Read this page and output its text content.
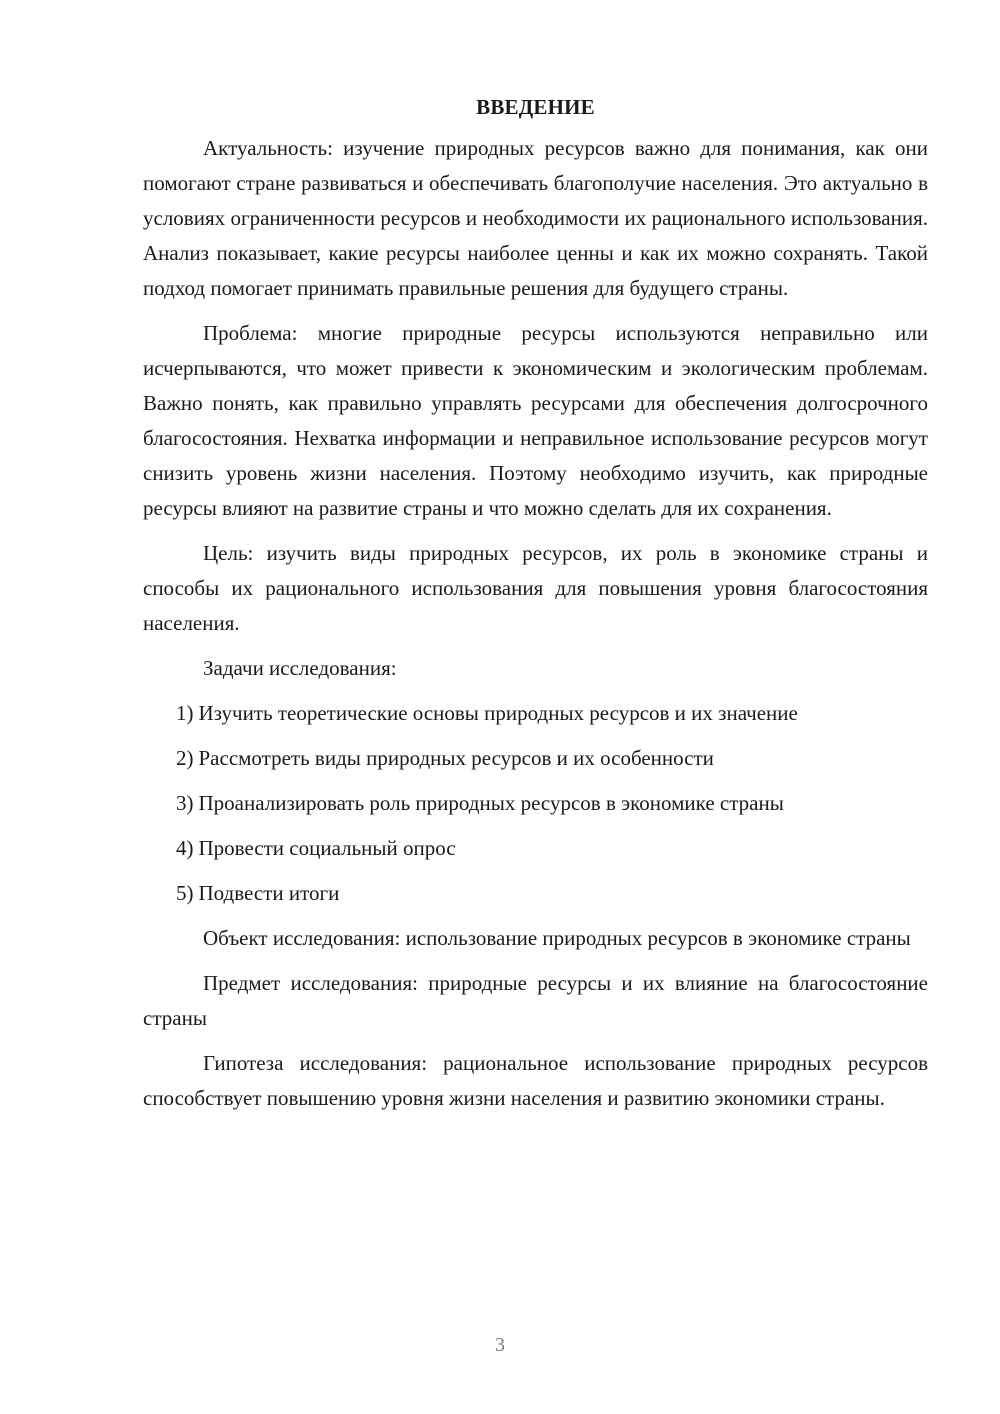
ВВЕДЕНИЕ

Актуальность: изучение природных ресурсов важно для понимания, как они помогают стране развиваться и обеспечивать благополучие населения. Это актуально в условиях ограниченности ресурсов и необходимости их рационального использования. Анализ показывает, какие ресурсы наиболее ценны и как их можно сохранять. Такой подход помогает принимать правильные решения для будущего страны.

Проблема: многие природные ресурсы используются неправильно или исчерпываются, что может привести к экономическим и экологическим проблемам. Важно понять, как правильно управлять ресурсами для обеспечения долгосрочного благосостояния. Нехватка информации и неправильное использование ресурсов могут снизить уровень жизни населения. Поэтому необходимо изучить, как природные ресурсы влияют на развитие страны и что можно сделать для их сохранения.

Цель: изучить виды природных ресурсов, их роль в экономике страны и способы их рационального использования для повышения уровня благосостояния населения.

Задачи исследования:

1) Изучить теоретические основы природных ресурсов и их значение
2) Рассмотреть виды природных ресурсов и их особенности
3) Проанализировать роль природных ресурсов в экономике страны
4) Провести социальный опрос
5) Подвести итоги

Объект исследования: использование природных ресурсов в экономике страны

Предмет исследования: природные ресурсы и их влияние на благосостояние страны

Гипотеза исследования: рациональное использование природных ресурсов способствует повышению уровня жизни населения и развитию экономики страны.

3
